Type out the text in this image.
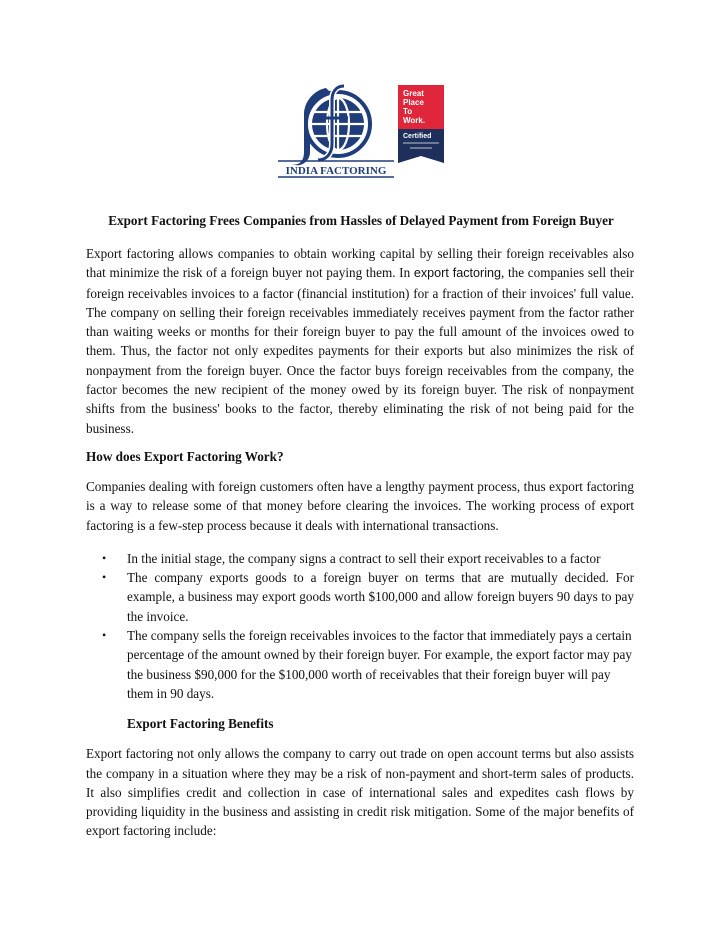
INDIA FACTORING
Great
Place
To
Work.
Certified
Export Factoring Frees Companies from Hassles of Delayed Payment from Foreign Buyer

Export factoring allows companies to obtain working capital by selling their foreign receivables also that minimize the risk of a foreign buyer not paying them. In export factoring, the companies sell their foreign receivables invoices to a factor (financial institution) for a fraction of their invoices' full value. The company on selling their foreign receivables immediately receives payment from the factor rather than waiting weeks or months for their foreign buyer to pay the full amount of the invoices owed to them. Thus, the factor not only expedites payments for their exports but also minimizes the risk of nonpayment from the foreign buyer. Once the factor buys foreign receivables from the company, the factor becomes the new recipient of the money owed by its foreign buyer. The risk of nonpayment shifts from the business' books to the factor, thereby eliminating the risk of not being paid for the business.

How does Export Factoring Work?

Companies dealing with foreign customers often have a lengthy payment process, thus export factoring is a way to release some of that money before clearing the invoices. The working process of export factoring is a few-step process because it deals with international transactions.

• In the initial stage, the company signs a contract to sell their export receivables to a factor
• The company exports goods to a foreign buyer on terms that are mutually decided. For example, a business may export goods worth $100,000 and allow foreign buyers 90 days to pay the invoice.
• The company sells the foreign receivables invoices to the factor that immediately pays a certain percentage of the amount owned by their foreign buyer. For example, the export factor may pay the business $90,000 for the $100,000 worth of receivables that their foreign buyer will pay them in 90 days.
Export Factoring Benefits

Export factoring not only allows the company to carry out trade on open account terms but also assists the company in a situation where they may be a risk of non-payment and short-term sales of products. It also simplifies credit and collection in case of international sales and expedites cash flows by providing liquidity in the business and assisting in credit risk mitigation. Some of the major benefits of export factoring include:
